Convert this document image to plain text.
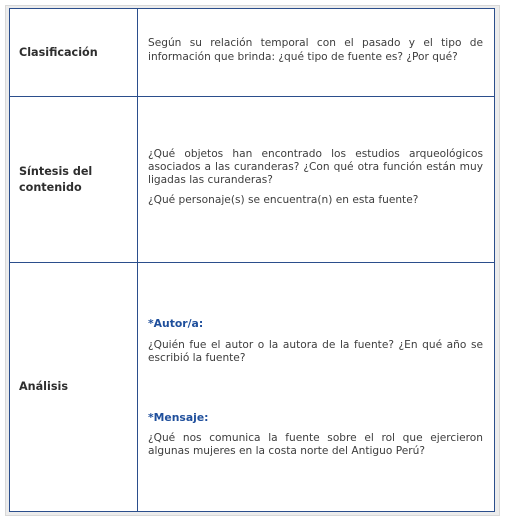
Clasificación	Según su relación temporal con el pasado y el tipo de información que brinda: ¿qué tipo de fuente es? ¿Por qué?

Síntesis del contenido	¿Qué objetos han encontrado los estudios arqueológicos asociados a las curanderas? ¿Con qué otra función están muy ligadas las curanderas?

¿Qué personaje(s) se encuentra(n) en esta fuente?

Análisis	*Autor/a:

¿Quién fue el autor o la autora de la fuente? ¿En qué año se escribió la fuente?

*Mensaje:

¿Qué nos comunica la fuente sobre el rol que ejercieron algunas mujeres en la costa norte del Antiguo Perú?
